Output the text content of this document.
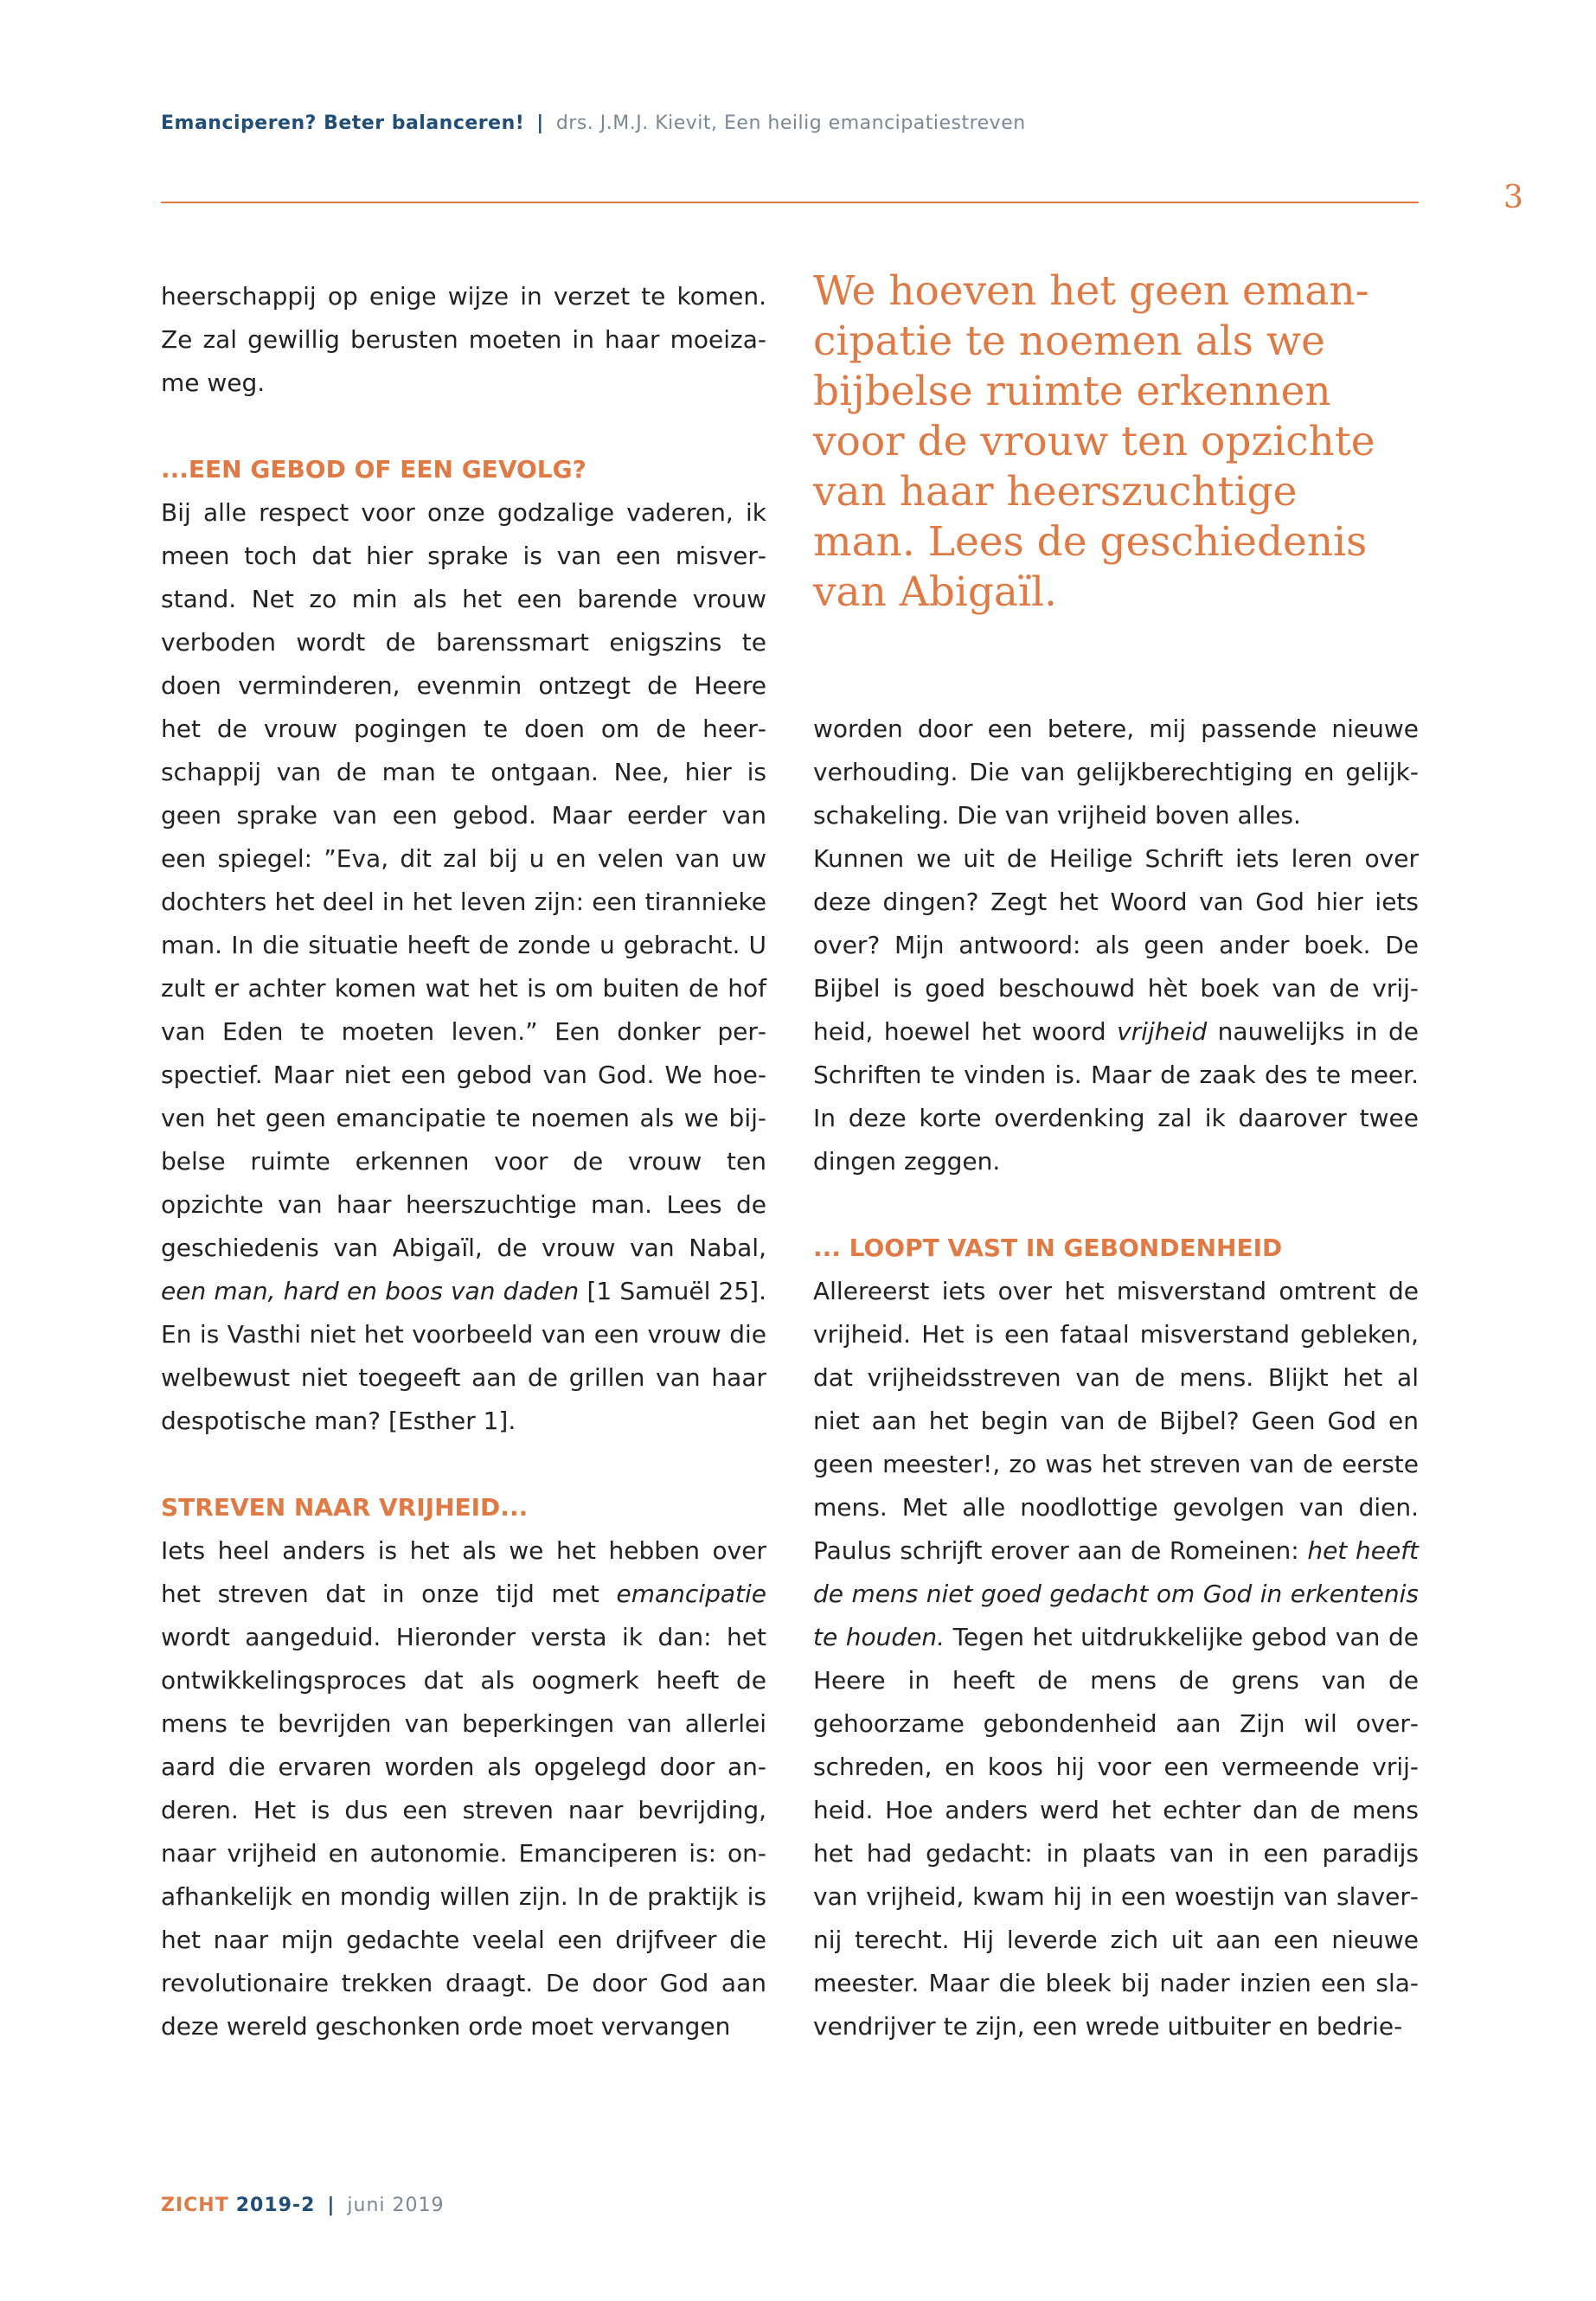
Emanciperen? Beter balanceren! | drs. J.M.J. Kievit, Een heilig emancipatiestreven
3

heerschappij op enige wijze in verzet te komen. Ze zal gewillig berusten moeten in haar moeizame weg.

...EEN GEBOD OF EEN GEVOLG?

Bij alle respect voor onze godzalige vaderen, ik meen toch dat hier sprake is van een misverstand. Net zo min als het een barende vrouw verboden wordt de barenssmart enigszins te doen verminderen, evenmin ontzegt de Heere het de vrouw pogingen te doen om de heerschappij van de man te ontgaan. Nee, hier is geen sprake van een gebod. Maar eerder van een spiegel: ”Eva, dit zal bij u en velen van uw dochters het deel in het leven zijn: een tirannieke man. In die situatie heeft de zonde u gebracht. U zult er achter komen wat het is om buiten de hof van Eden te moeten leven.” Een donker perspectief. Maar niet een gebod van God. We hoeven het geen emancipatie te noemen als we bijbelse ruimte erkennen voor de vrouw ten opzichte van haar heerszuchtige man. Lees de geschiedenis van Abigaïl, de vrouw van Nabal, een man, hard en boos van daden [1 Samuël 25]. En is Vasthi niet het voorbeeld van een vrouw die welbewust niet toegeeft aan de grillen van haar despotische man? [Esther 1].

STREVEN NAAR VRIJHEID...

Iets heel anders is het als we het hebben over het streven dat in onze tijd met emancipatie wordt aangeduid. Hieronder versta ik dan: het ontwikkelingsproces dat als oogmerk heeft de mens te bevrijden van beperkingen van allerlei aard die ervaren worden als opgelegd door anderen. Het is dus een streven naar bevrijding, naar vrijheid en autonomie. Emanciperen is: onafhankelijk en mondig willen zijn. In de praktijk is het naar mijn gedachte veelal een drijfveer die revolutionaire trekken draagt. De door God aan deze wereld geschonken orde moet vervangen

We hoeven het geen eman-
cipatie te noemen als we
bijbelse ruimte erkennen
voor de vrouw ten opzichte
van haar heerszuchtige
man. Lees de geschiedenis
van Abigaïl.

worden door een betere, mij passende nieuwe verhouding. Die van gelijkberechtiging en gelijkschakeling. Die van vrijheid boven alles.

Kunnen we uit de Heilige Schrift iets leren over deze dingen? Zegt het Woord van God hier iets over? Mijn antwoord: als geen ander boek. De Bijbel is goed beschouwd hèt boek van de vrijheid, hoewel het woord vrijheid nauwelijks in de Schriften te vinden is. Maar de zaak des te meer. In deze korte overdenking zal ik daarover twee dingen zeggen.

... LOOPT VAST IN GEBONDENHEID

Allereerst iets over het misverstand omtrent de vrijheid. Het is een fataal misverstand gebleken, dat vrijheidsstreven van de mens. Blijkt het al niet aan het begin van de Bijbel? Geen God en geen meester!, zo was het streven van de eerste mens. Met alle noodlottige gevolgen van dien. Paulus schrijft erover aan de Romeinen: het heeft de mens niet goed gedacht om God in erkentenis te houden. Tegen het uitdrukkelijke gebod van de Heere in heeft de mens de grens van de gehoorzame gebondenheid aan Zijn wil overschreden, en koos hij voor een vermeende vrijheid. Hoe anders werd het echter dan de mens het had gedacht: in plaats van in een paradijs van vrijheid, kwam hij in een woestijn van slavernij terecht. Hij leverde zich uit aan een nieuwe meester. Maar die bleek bij nader inzien een slavendrijver te zijn, een wrede uitbuiter en bedrie-

ZICHT 2019-2 | juni 2019
